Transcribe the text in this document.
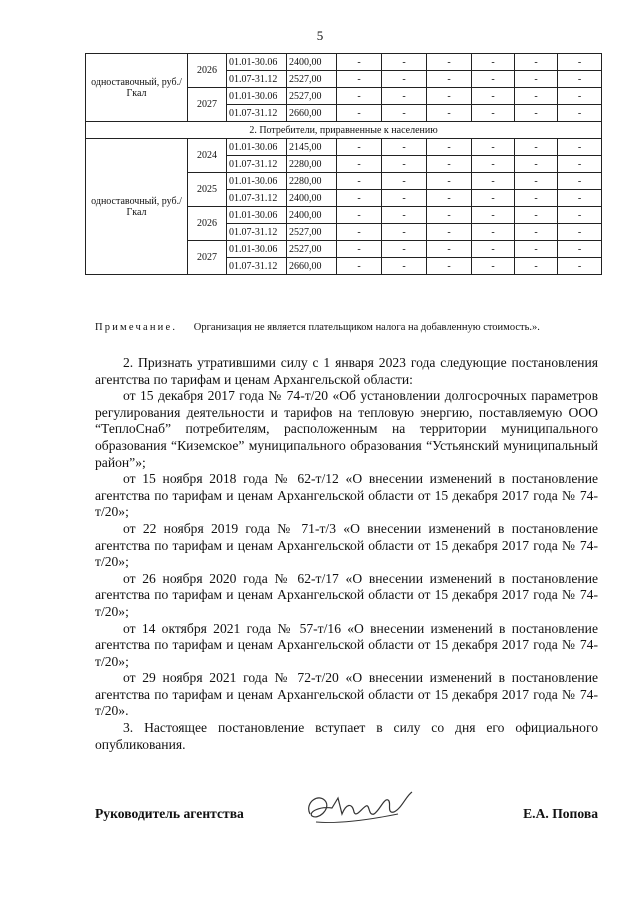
5
одноставочный, руб./Гкал	2026	01.01-30.06	2400,00	-	-	-	-	-	-
		01.07-31.12	2527,00	-	-	-	-	-	-
	2027	01.01-30.06	2527,00	-	-	-	-	-	-
		01.07-31.12	2660,00	-	-	-	-	-	-
2. Потребители, приравненные к населению									
одноставочный, руб./Гкал	2024	01.01-30.06	2145,00	-	-	-	-	-	-
		01.07-31.12	2280,00	-	-	-	-	-	-
	2025	01.01-30.06	2280,00	-	-	-	-	-	-
		01.07-31.12	2400,00	-	-	-	-	-	-
	2026	01.01-30.06	2400,00	-	-	-	-	-	-
		01.07-31.12	2527,00	-	-	-	-	-	-
	2027	01.01-30.06	2527,00	-	-	-	-	-	-
		01.07-31.12	2660,00	-	-	-	-	-	-
Примечание. Организация не является плательщиком налога на добавленную стоимость.».

2. Признать утратившими силу с 1 января 2023 года следующие постановления агентства по тарифам и ценам Архангельской области:

от 15 декабря 2017 года № 74-т/20 «Об установлении долгосрочных параметров регулирования деятельности и тарифов на тепловую энергию, поставляемую ООО “ТеплоСнаб” потребителям, расположенным на территории муниципального образования “Киземское” муниципального образования “Устьянский муниципальный район”»;

от 15 ноября 2018 года № 62-т/12 «О внесении изменений в постановление агентства по тарифам и ценам Архангельской области от 15 декабря 2017 года № 74-т/20»;

от 22 ноября 2019 года № 71-т/3 «О внесении изменений в постановление агентства по тарифам и ценам Архангельской области от 15 декабря 2017 года № 74-т/20»;

от 26 ноября 2020 года № 62-т/17 «О внесении изменений в постановление агентства по тарифам и ценам Архангельской области от 15 декабря 2017 года № 74-т/20»;

от 14 октября 2021 года № 57-т/16 «О внесении изменений в постановление агентства по тарифам и ценам Архангельской области от 15 декабря 2017 года № 74-т/20»;

от 29 ноября 2021 года № 72-т/20 «О внесении изменений в постановление агентства по тарифам и ценам Архангельской области от 15 декабря 2017 года № 74-т/20».

3. Настоящее постановление вступает в силу со дня его официального опубликования.

Руководитель агентства	Е.А. Попова
